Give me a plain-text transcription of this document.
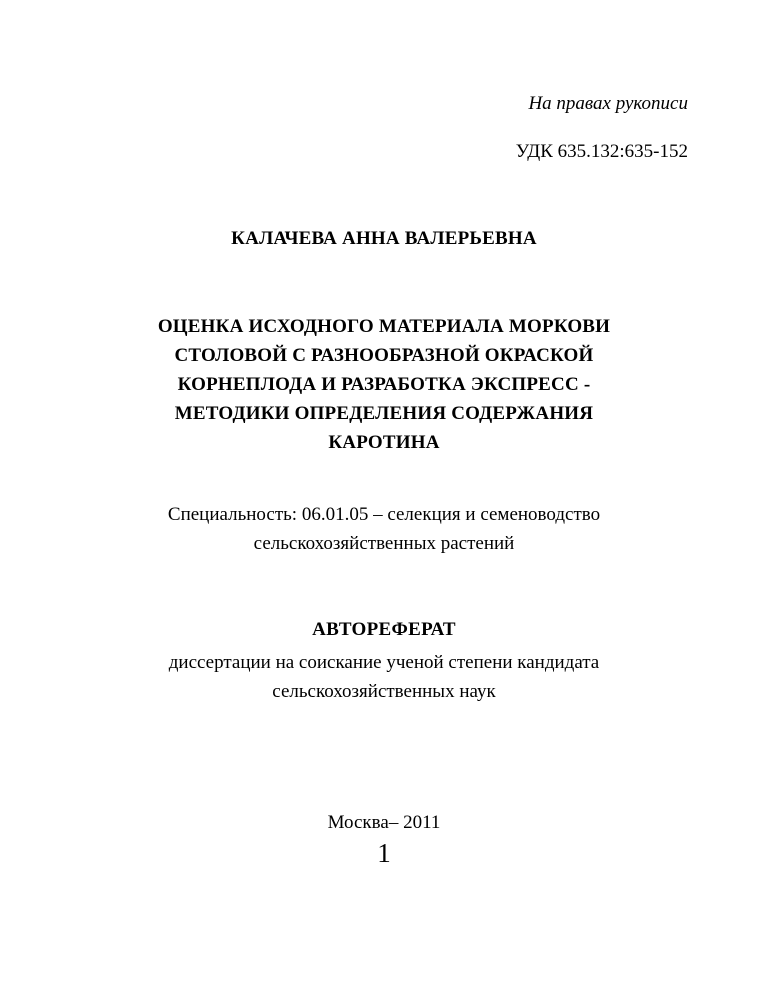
На правах рукописи
УДК 635.132:635-152
КАЛАЧЕВА АННА ВАЛЕРЬЕВНА
ОЦЕНКА ИСХОДНОГО МАТЕРИАЛА МОРКОВИ
СТОЛОВОЙ С РАЗНООБРАЗНОЙ ОКРАСКОЙ
КОРНЕПЛОДА И РАЗРАБОТКА ЭКСПРЕСС -
МЕТОДИКИ ОПРЕДЕЛЕНИЯ СОДЕРЖАНИЯ
КАРОТИНА
Специальность: 06.01.05 – селекция и семеноводство
сельскохозяйственных растений
АВТОРЕФЕРАТ
диссертации на соискание ученой степени кандидата
сельскохозяйственных наук
Москва– 2011
1
